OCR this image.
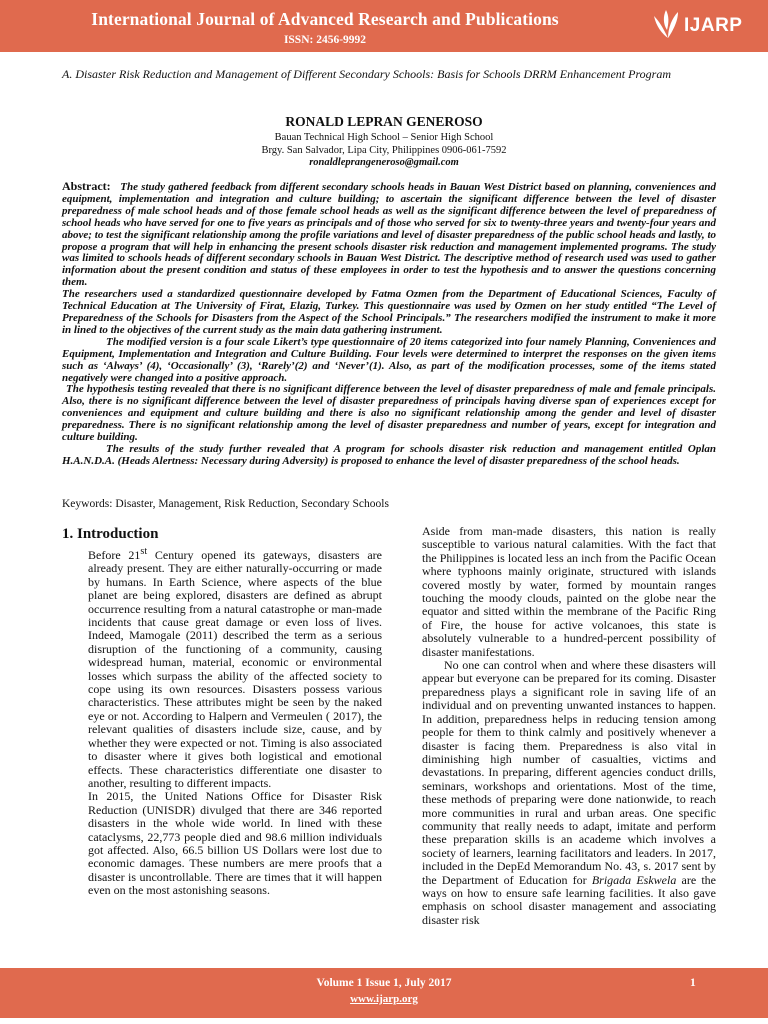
International Journal of Advanced Research and Publications
ISSN: 2456-9992
IJARP
A. Disaster Risk Reduction and Management of Different Secondary Schools: Basis for Schools DRRM Enhancement Program
RONALD LEPRAN GENEROSO
Bauan Technical High School – Senior High School
Brgy. San Salvador, Lipa City, Philippines 0906-061-7592
ronaldleprangeneroso@gmail.com

Abstract: The study gathered feedback from different secondary schools heads in Bauan West District based on planning, conveniences and equipment, implementation and integration and culture building; to ascertain the significant difference between the level of disaster preparedness of male school heads and of those female school heads as well as the significant difference between the level of preparedness of school heads who have served for one to five years as principals and of those who served for six to twenty-three years and twenty-four years and above; to test the significant relationship among the profile variations and level of disaster preparedness of the public school heads and lastly, to propose a program that will help in enhancing the present schools disaster risk reduction and management implemented programs. The study was limited to schools heads of different secondary schools in Bauan West District. The descriptive method of research used was used to gather information about the present condition and status of these employees in order to test the hypothesis and to answer the questions concerning them.

The researchers used a standardized questionnaire developed by Fatma Ozmen from the Department of Educational Sciences, Faculty of Technical Education at The University of Firat, Elazig, Turkey. This questionnaire was used by Ozmen on her study entitled “The Level of Preparedness of the Schools for Disasters from the Aspect of the School Principals.” The researchers modified the instrument to make it more in lined to the objectives of the current study as the main data gathering instrument.

The modified version is a four scale Likert’s type questionnaire of 20 items categorized into four namely Planning, Conveniences and Equipment, Implementation and Integration and Culture Building. Four levels were determined to interpret the responses on the given items such as ‘Always’ (4), ‘Occasionally’ (3), ‘Rarely’(2) and ‘Never’(1). Also, as part of the modification processes, some of the items stated negatively were changed into a positive approach.

The hypothesis testing revealed that there is no significant difference between the level of disaster preparedness of male and female principals. Also, there is no significant difference between the level of disaster preparedness of principals having diverse span of experiences except for conveniences and equipment and culture building and there is also no significant relationship among the gender and level of disaster preparedness. There is no significant relationship among the level of disaster preparedness and number of years, except for integration and culture building.

The results of the study further revealed that A program for schools disaster risk reduction and management entitled Oplan H.A.N.D.A. (Heads Alertness: Necessary during Adversity) is proposed to enhance the level of disaster preparedness of the school heads.

Keywords: Disaster, Management, Risk Reduction, Secondary Schools
1. Introduction

Before 21st Century opened its gateways, disasters are already present. They are either naturally-occurring or made by humans. In Earth Science, where aspects of the blue planet are being explored, disasters are defined as abrupt occurrence resulting from a natural catastrophe or man-made incidents that cause great damage or even loss of lives. Indeed, Mamogale (2011) described the term as a serious disruption of the functioning of a community, causing widespread human, material, economic or environmental losses which surpass the ability of the affected society to cope using its own resources. Disasters possess various characteristics. These attributes might be seen by the naked eye or not. According to Halpern and Vermeulen ( 2017), the relevant qualities of disasters include size, cause, and by whether they were expected or not. Timing is also associated to disaster where it gives both logistical and emotional effects. These characteristics differentiate one disaster to another, resulting to different impacts.

In 2015, the United Nations Office for Disaster Risk Reduction (UNISDR) divulged that there are 346 reported disasters in the whole wide world. In lined with these cataclysms, 22,773 people died and 98.6 million individuals got affected. Also, 66.5 billion US Dollars were lost due to economic damages. These numbers are mere proofs that a disaster is uncontrollable. There are times that it will happen even on the most astonishing seasons.

Aside from man-made disasters, this nation is really susceptible to various natural calamities. With the fact that the Philippines is located less an inch from the Pacific Ocean where typhoons mainly originate, structured with islands covered mostly by water, formed by mountain ranges touching the moody clouds, painted on the globe near the equator and sitted within the membrane of the Pacific Ring of Fire, the house for active volcanoes, this state is absolutely vulnerable to a hundred-percent possibility of disaster manifestations.

No one can control when and where these disasters will appear but everyone can be prepared for its coming. Disaster preparedness plays a significant role in saving life of an individual and on preventing unwanted instances to happen. In addition, preparedness helps in reducing tension among people for them to think calmly and positively whenever a disaster is facing them. Preparedness is also vital in diminishing high number of casualties, victims and devastations. In preparing, different agencies conduct drills, seminars, workshops and orientations. Most of the time, these methods of preparing were done nationwide, to reach more communities in rural and urban areas. One specific community that really needs to adapt, imitate and perform these preparation skills is an academe which involves a society of learners, learning facilitators and leaders. In 2017, included in the DepEd Memorandum No. 43, s. 2017 sent by the Department of Education for Brigada Eskwela are the ways on how to ensure safe learning facilities. It also gave emphasis on school disaster management and associating disaster risk

Volume 1 Issue 1, July 2017
www.ijarp.org
1
